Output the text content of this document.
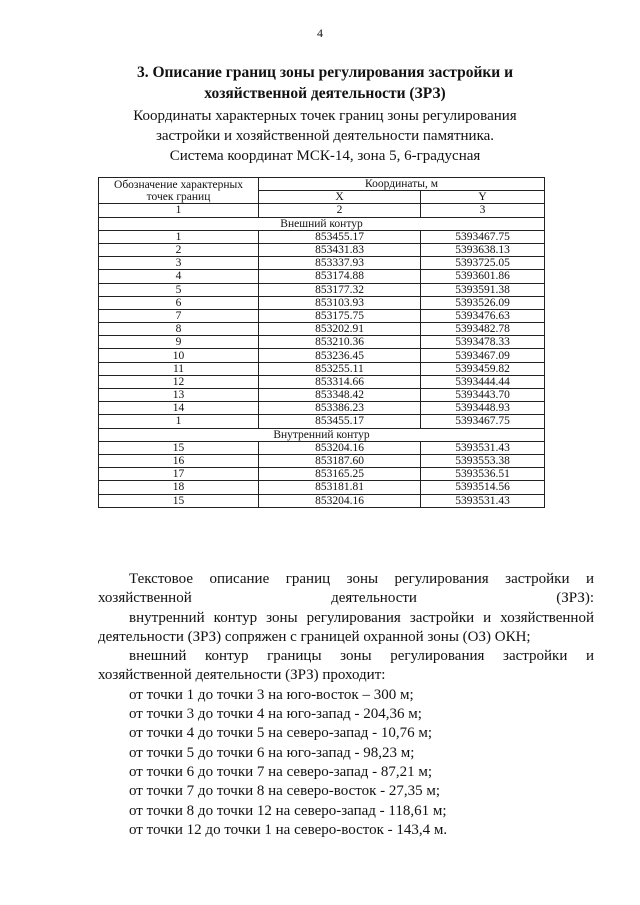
4
3. Описание границ зоны регулирования застройки и хозяйственной деятельности (ЗРЗ)
Координаты характерных точек границ зоны регулирования
застройки и хозяйственной деятельности памятника.
Система координат МСК-14, зона 5, 6-градусная
Обозначение характерных
точек границ	Координаты, м	
	X	Y
1	2	3
Внешний контур		
1	853455.17	5393467.75
2	853431.83	5393638.13
3	853337.93	5393725.05
4	853174.88	5393601.86
5	853177.32	5393591.38
6	853103.93	5393526.09
7	853175.75	5393476.63
8	853202.91	5393482.78
9	853210.36	5393478.33
10	853236.45	5393467.09
11	853255.11	5393459.82
12	853314.66	5393444.44
13	853348.42	5393443.70
14	853386.23	5393448.93
1	853455.17	5393467.75
Внутренний контур		
15	853204.16	5393531.43
16	853187.60	5393553.38
17	853165.25	5393536.51
18	853181.81	5393514.56
15	853204.16	5393531.43

Текстовое описание границ зоны регулирования застройки и хозяйственной деятельности (ЗРЗ):

внутренний контур зоны регулирования застройки и хозяйственной деятельности (ЗРЗ) сопряжен с границей охранной зоны (ОЗ) ОКН;

внешний контур границы зоны регулирования застройки и хозяйственной деятельности (ЗРЗ) проходит:

от точки 1 до точки 3 на юго-восток – 300 м;

от точки 3 до точки 4 на юго-запад - 204,36 м;

от точки 4 до точки 5 на северо-запад - 10,76 м;

от точки 5 до точки 6 на юго-запад - 98,23 м;

от точки 6 до точки 7 на северо-запад - 87,21 м;

от точки 7 до точки 8 на северо-восток - 27,35 м;

от точки 8 до точки 12 на северо-запад - 118,61 м;

от точки 12 до точки 1 на северо-восток - 143,4 м.
